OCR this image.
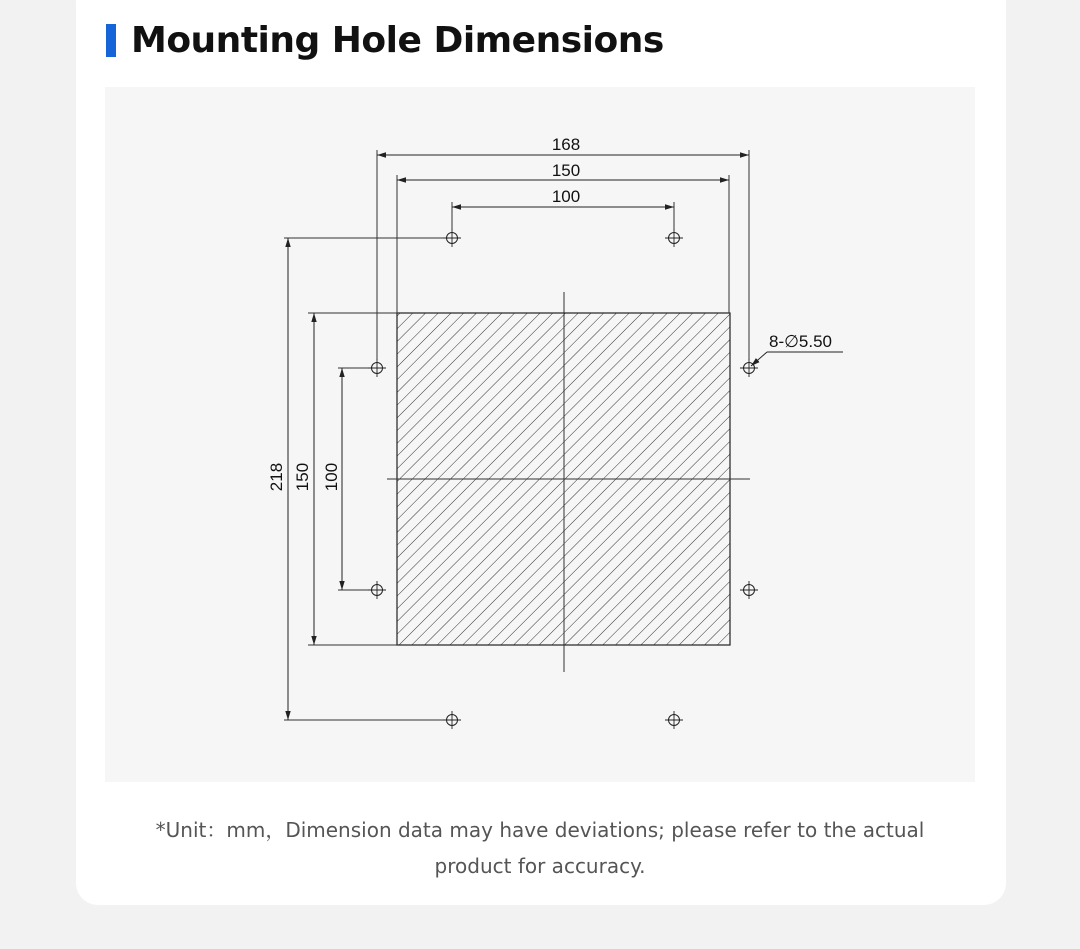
Mounting Hole Dimensions
168
150
100
218 150 100
8-∅5.50
*Unit：mm，Dimension data may have deviations; please refer to the actual
product for accuracy.
